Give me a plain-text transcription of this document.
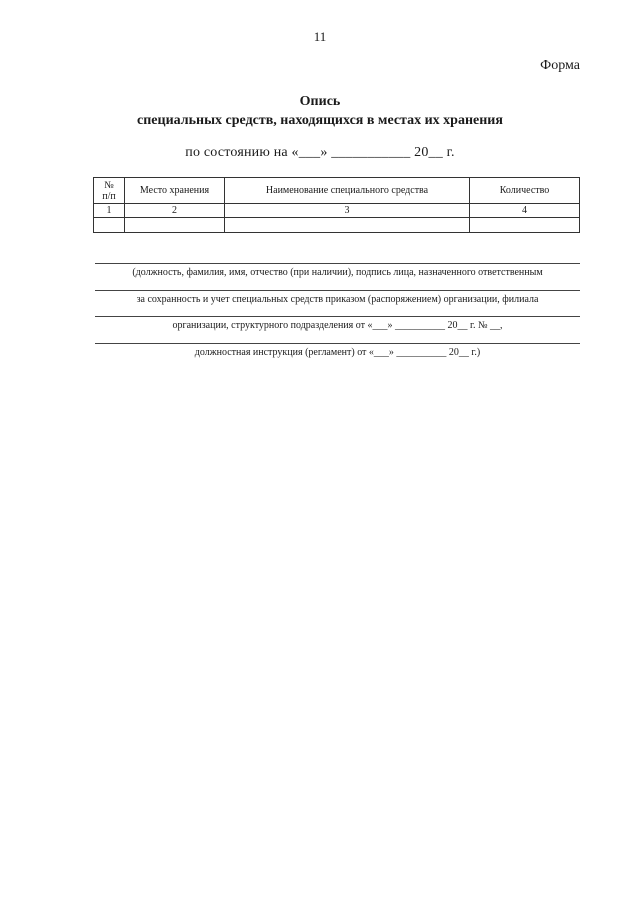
11
Форма
Опись
специальных средств, находящихся в местах их хранения
по состоянию на «___» ___________ 20__ г.
№
п/п	Место хранения	Наименование специального средства	Количество
1	2	3	4

(должность, фамилия, имя, отчество (при наличии), подпись лица, назначенного ответственным
за сохранность и учет специальных средств приказом (распоряжением) организации, филиала
организации, структурного подразделения от «___» __________ 20__ г. № __,
должностная инструкция (регламент) от «___» __________ 20__ г.)
